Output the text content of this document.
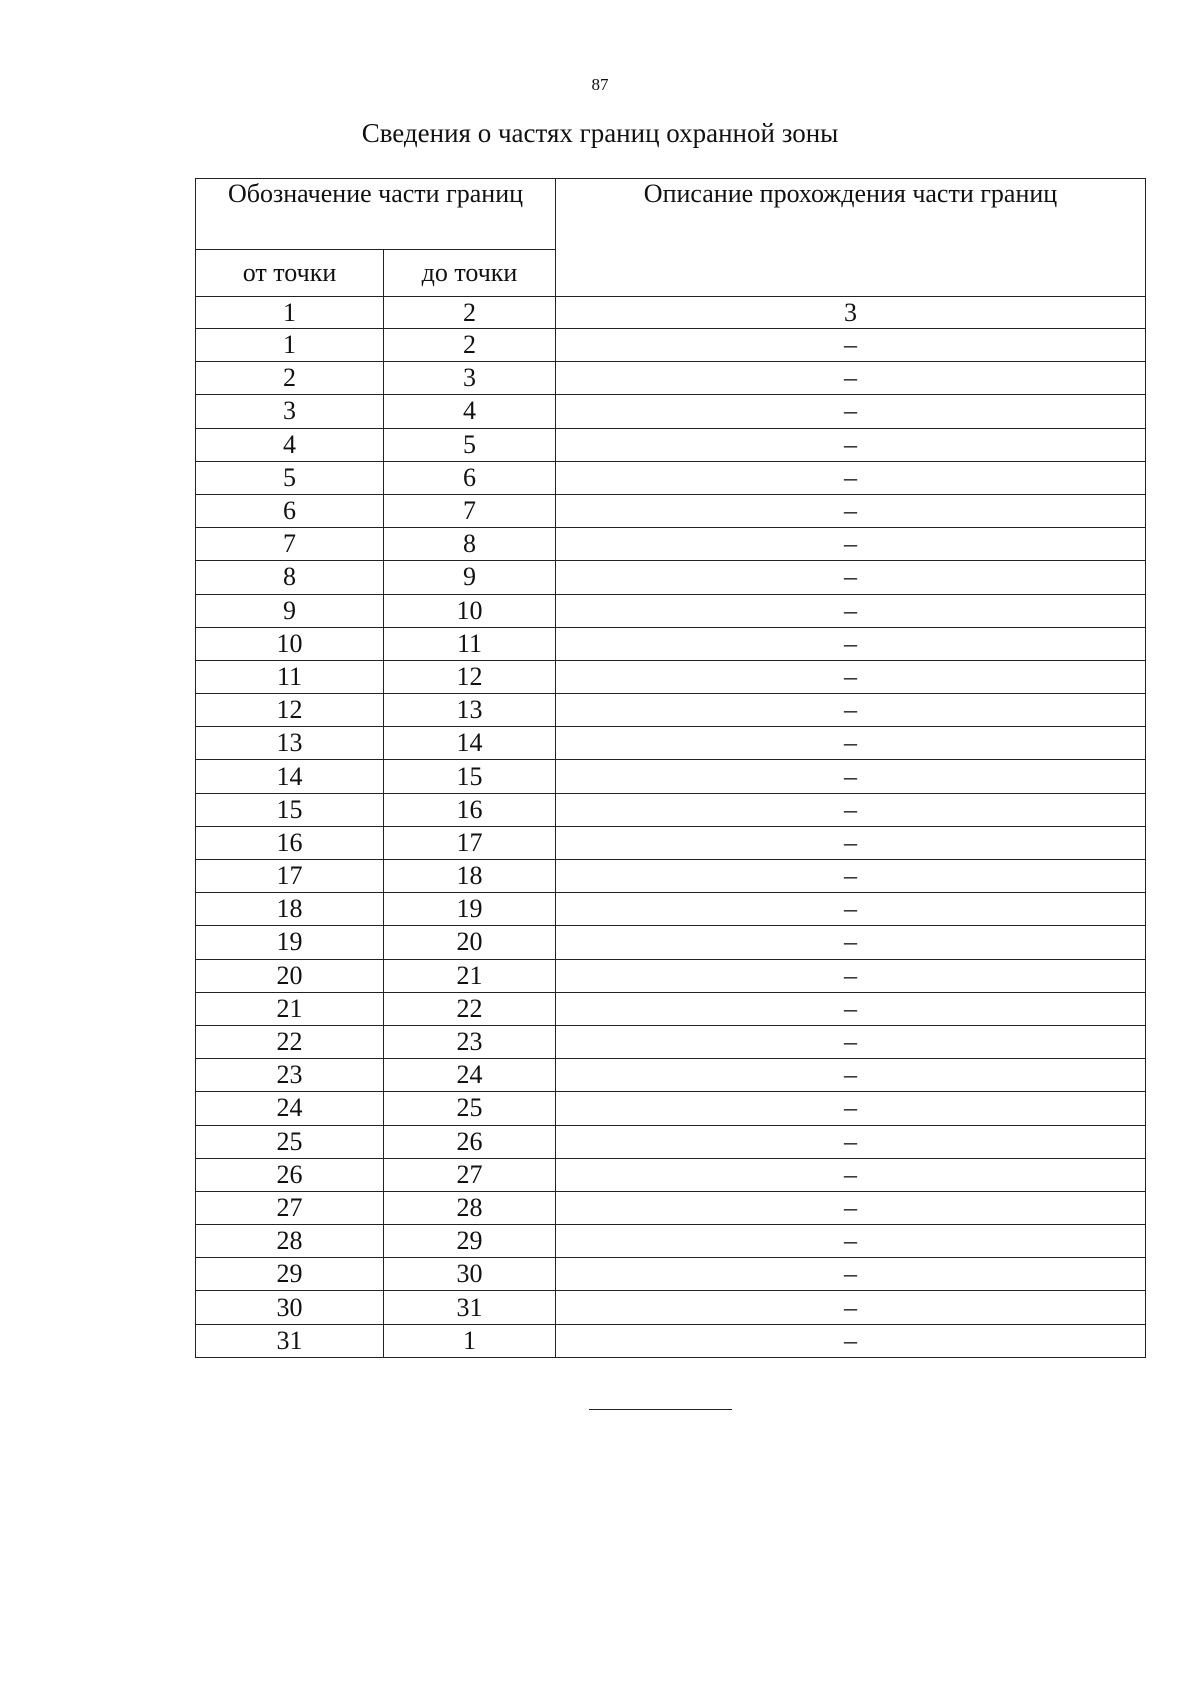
87
Сведения о частях границ охранной зоны
Обозначение части границ		Описание прохождения части границ
от точки	до точки	
1	2	3
1	2	–
2	3	–
3	4	–
4	5	–
5	6	–
6	7	–
7	8	–
8	9	–
9	10	–
10	11	–
11	12	–
12	13	–
13	14	–
14	15	–
15	16	–
16	17	–
17	18	–
18	19	–
19	20	–
20	21	–
21	22	–
22	23	–
23	24	–
24	25	–
25	26	–
26	27	–
27	28	–
28	29	–
29	30	–
30	31	–
31	1	–
